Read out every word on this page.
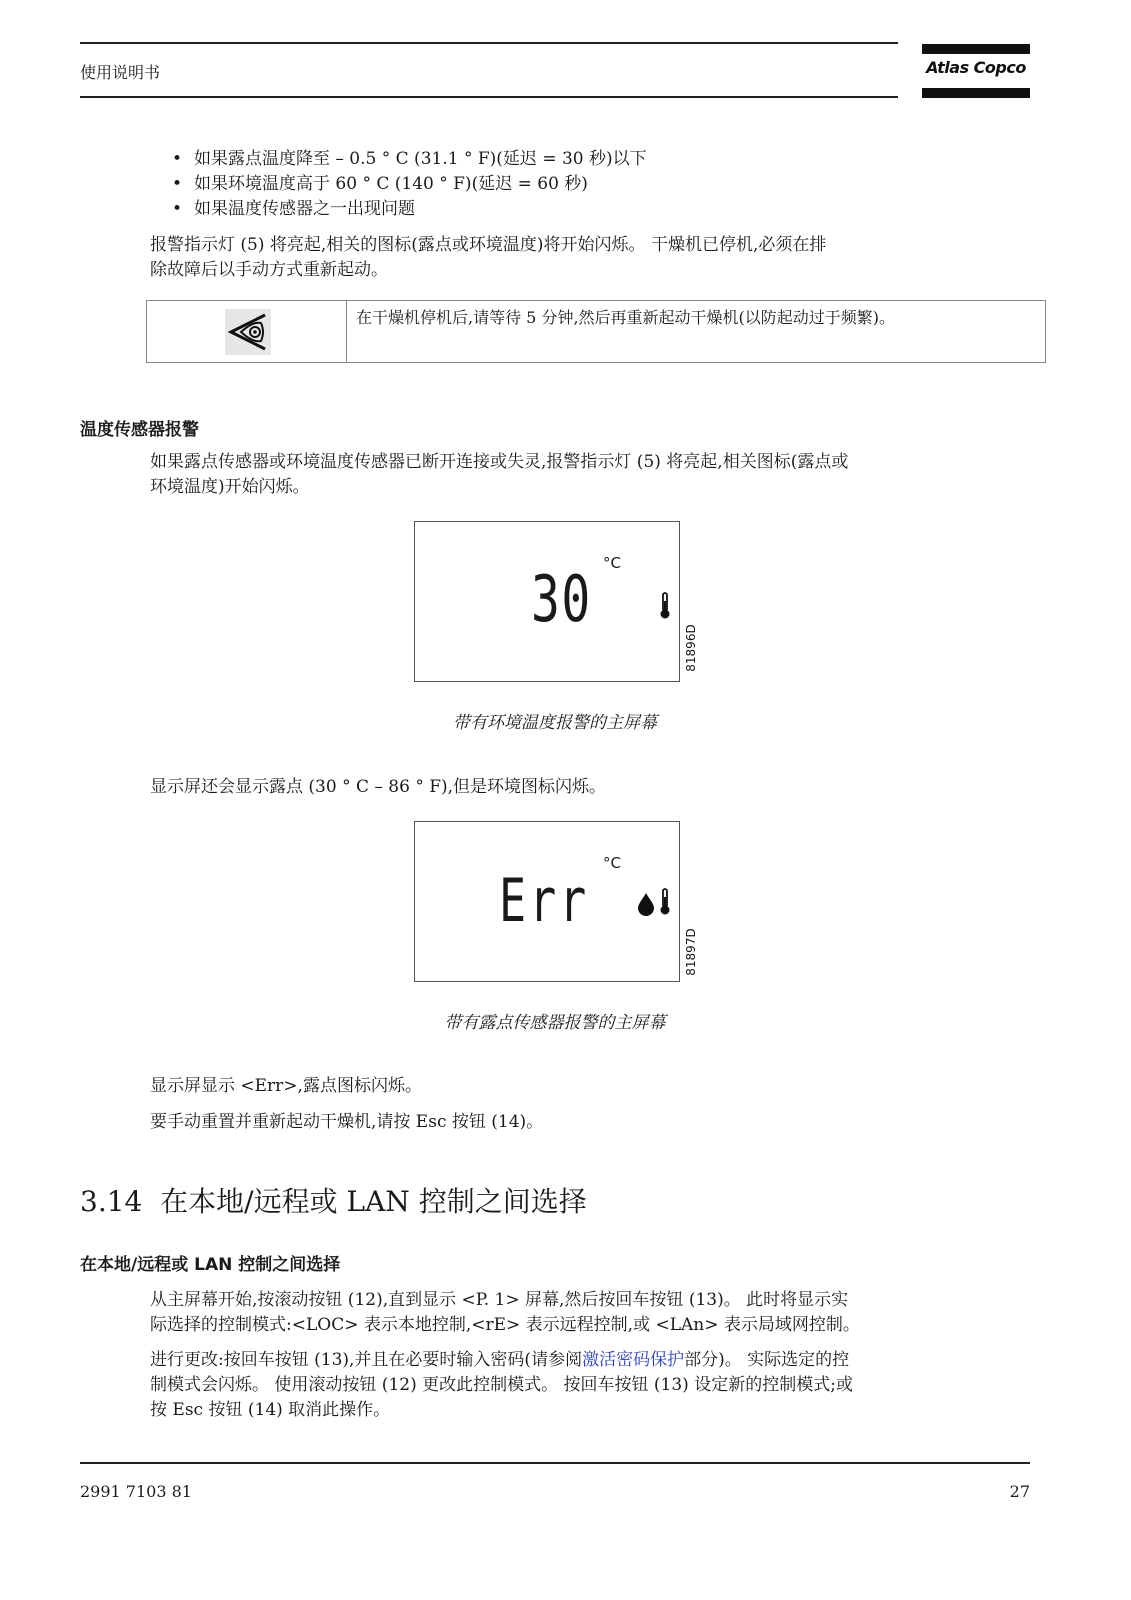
使用说明书	Atlas Copco
• 如果露点温度降至 – 0.5 ° C (31.1 ° F)(延迟 = 30 秒)以下
• 如果环境温度高于 60 ° C (140 ° F)(延迟 = 60 秒)
• 如果温度传感器之一出现问题
报警指示灯 (5) 将亮起,相关的图标(露点或环境温度)将开始闪烁。 干燥机已停机,必须在排
除故障后以手动方式重新起动。
在干燥机停机后,请等待 5 分钟,然后再重新起动干燥机(以防起动过于频繁)。
温度传感器报警
如果露点传感器或环境温度传感器已断开连接或失灵,报警指示灯 (5) 将亮起,相关图标(露点或
环境温度)开始闪烁。
°C
30
81896D
带有环境温度报警的主屏幕
显示屏还会显示露点 (30 ° C – 86 ° F),但是环境图标闪烁。
°C
Err
81897D
带有露点传感器报警的主屏幕
显示屏显示 <Err>,露点图标闪烁。
要手动重置并重新起动干燥机,请按 Esc 按钮 (14)。
3.14  在本地/远程或 LAN 控制之间选择
在本地/远程或 LAN 控制之间选择
从主屏幕开始,按滚动按钮 (12),直到显示 <P. 1> 屏幕,然后按回车按钮 (13)。 此时将显示实
际选择的控制模式:<LOC> 表示本地控制,<rE> 表示远程控制,或 <LAn> 表示局域网控制。
进行更改:按回车按钮 (13),并且在必要时输入密码(请参阅激活密码保护部分)。 实际选定的控
制模式会闪烁。 使用滚动按钮 (12) 更改此控制模式。 按回车按钮 (13) 设定新的控制模式;或
按 Esc 按钮 (14) 取消此操作。
2991 7103 81	27
